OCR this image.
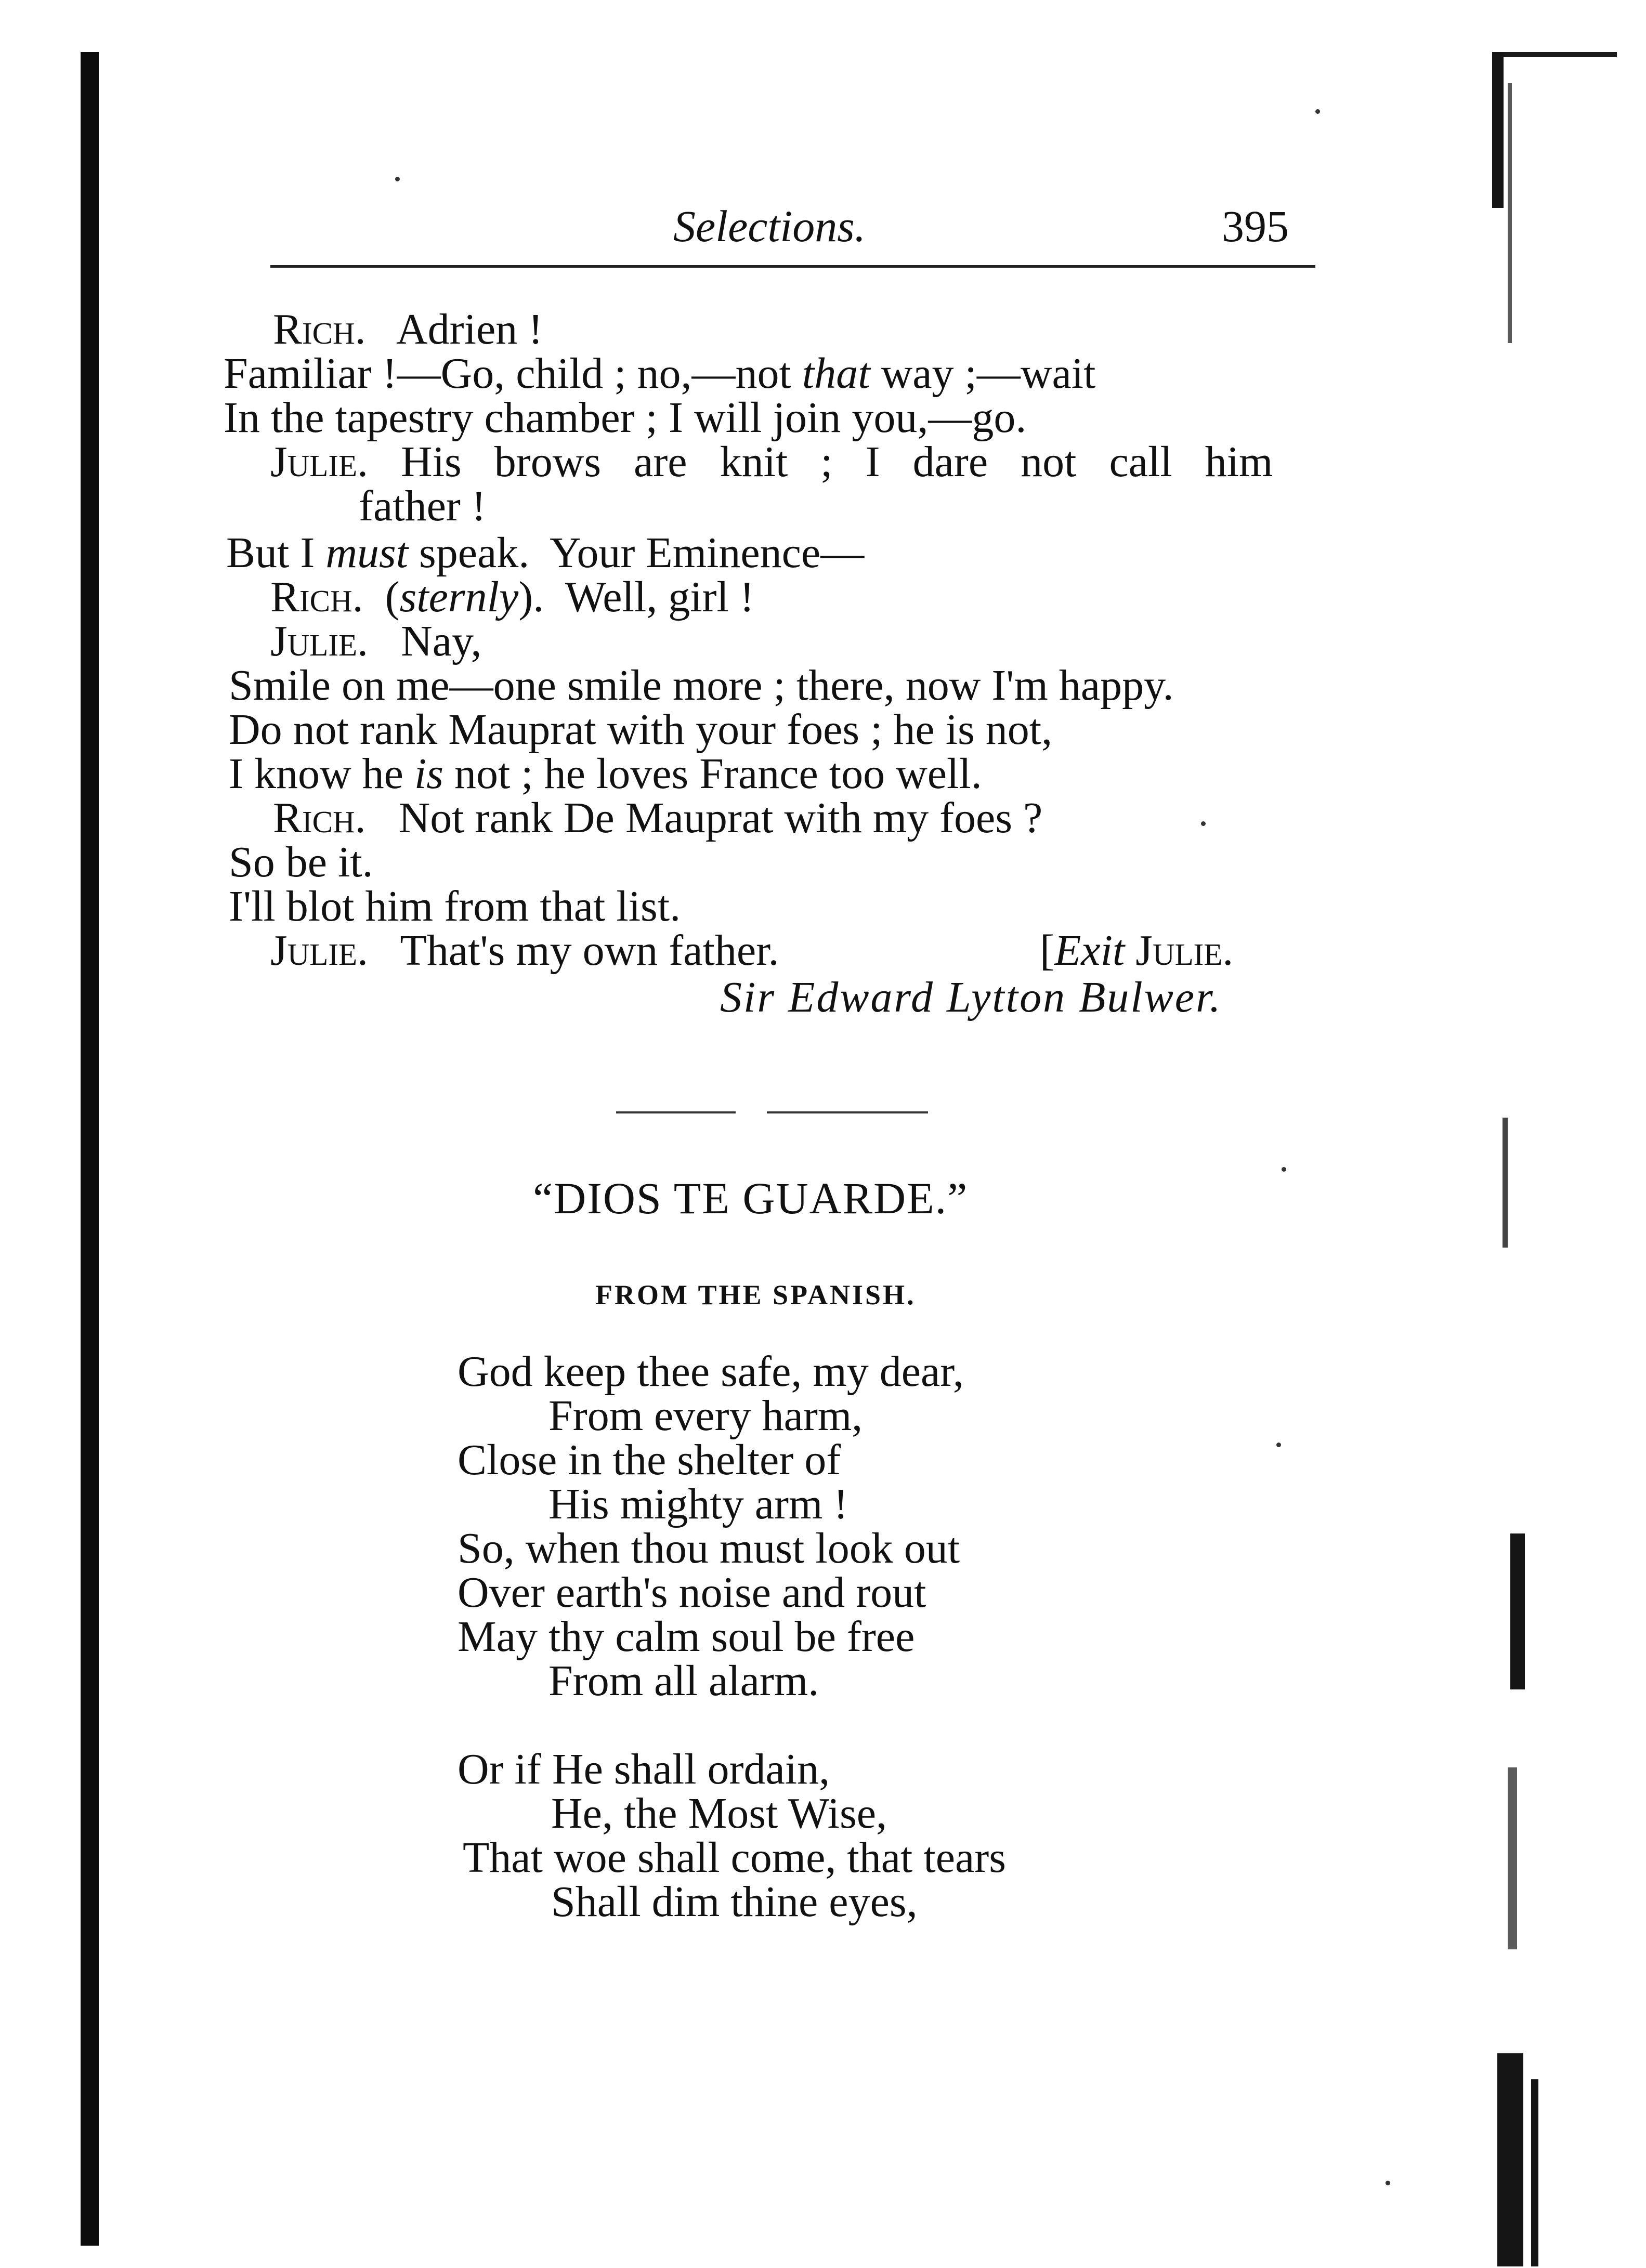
Selections.	395
Rich. Adrien !
Familiar !—Go, child ; no,—not that way ;—wait
In the tapestry chamber ; I will join you,—go.
Julie. His brows are knit ; I dare not call him
father !
But I must speak.  Your Eminence—
Rich. (sternly).  Well, girl !
Julie. Nay,
Smile on me—one smile more ; there, now I'm happy.
Do not rank Mauprat with your foes ; he is not,
I know he is not ; he loves France too well.
Rich. Not rank De Mauprat with my foes ?
So be it.
I'll blot him from that list.
Julie. That's my own father.	[Exit Julie.
Sir Edward Lytton Bulwer.
“DIOS TE GUARDE.”
FROM THE SPANISH.
God keep thee safe, my dear,
From every harm,
Close in the shelter of
His mighty arm !
So, when thou must look out
Over earth's noise and rout
May thy calm soul be free
From all alarm.
Or if He shall ordain,
He, the Most Wise,
That woe shall come, that tears
Shall dim thine eyes,
